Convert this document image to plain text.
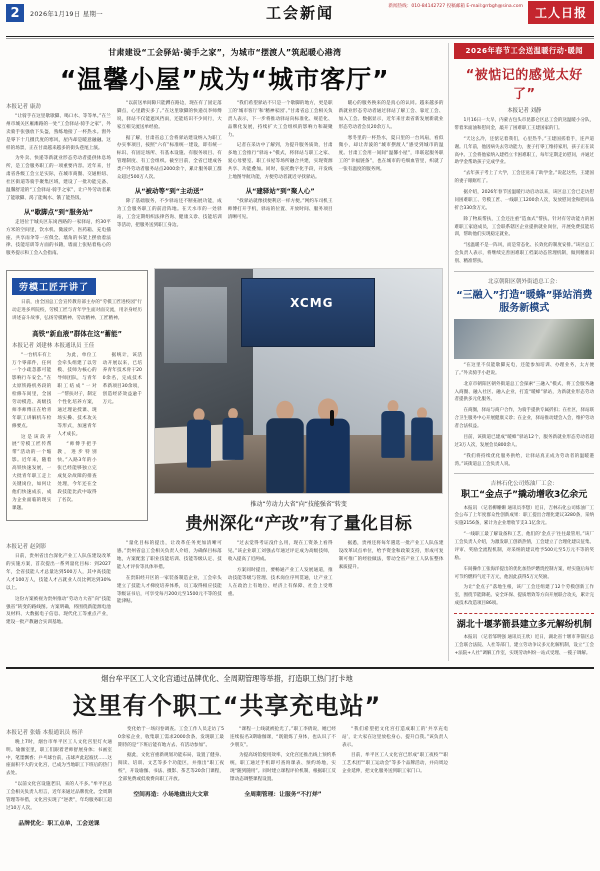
2	2026年1月19日 星期一	工会新闻	新闻热线：010-84142727 投稿邮箱 E-mail:grrbgh@sina.com	工人日报
甘肃建设“工会驿站·骑手之家”，为城市“摆渡人”筑起暖心港湾
“温馨小屋”成为“城市客厅”
本报记者 康劲

“让骑手在这里歇歇脚、喝口水、等等单。”在兰州市城关区雁滩路的一处“工会驿站·骑手之家”，外卖骑手张强放下头盔，熟练地接了一杯热水。窗外是零下十几摄氏度的寒风，屋内却是暖意融融。这样的场景，正在甘肃越来越多的街头巷尾上演。

为外卖、快递等新就业形态劳动者提供休息场所，是工会服务职工的一项重要内容。近年来，甘肃省各级工会立足实际，在城市商圈、交通枢纽、社区街道等骑手聚集区域，建设了一批功能完备、温馨舒适的“工会驿站·骑手之家”，让户外劳动者累了能歇脚、渴了能喝水、饿了能热饭。

从“歇脚点”到“服务站”

走进位于城关区东岗西路的一家驿站，约30平方米的空间里，饮水机、微波炉、医药箱、充电插座、共享雨伞等一应俱全。墙角的书架上摆放着法律、技能培训等方面的书籍，墙面上张贴着贴心的服务提示和工会入会指南。

“以前送单间隙只能蹲在路边，现在有了固定落脚点，心里踏实多了。”在这里歇脚的快递员李师傅说，驿站不仅能遮风挡雨，还能结识不少同行，大家互相交流送单经验。

据了解，甘肃省总工会将驿站建设纳入为职工办实事项目，按照“六有”标准统一建设，即有统一标识、有固定场所、有基本设施、有服务项目、有管理制度、有工会组织。截至目前，全省已建成各类户外劳动者服务站点2000余个，累计服务职工群众超过500万人次。

从“被动等”到“主动送”

除了基础服务，不少驿站还不断拓展功能，成为工会服务职工的前沿阵地。在天水市的一处驿站，工会定期组织法律咨询、健康义诊、技能培训等活动，把服务送到职工身边。

“我们希望驿站不只是一个歇脚的地方，更是职工的‘城市客厅’和‘精神家园’。”甘肃省总工会相关负责人表示，下一步将推动驿站向标准化、规范化、品牌化发展，持续扩大工会组织的影响力和凝聚力。

记者在采访中了解到，为提升服务质效，甘肃多地工会推行“驿站+”模式，将驿站与职工之家、爱心母婴室、职工书屋等场所融合共建，实现资源共享、功能叠加。同时，依托数字化手段，开发线上地图导航功能，方便劳动者就近寻找驿站。

从“建驿站”到“聚人心”

“找驿站就像找便利店一样方便。”网约车司机王师傅打开手机，驿站的位置、开放时间、服务项目清晰可见。

暖心的服务换来的是真心的认同。越来越多的新就业形态劳动者通过驿站了解工会、靠近工会、加入工会。数据显示，近年来甘肃省新发展新就业形态劳动者会员20余万人。

寒冬里的一杯热水，夏日里的一台风扇，看似微小，却让奔波的“城市摆渡人”感受到城市的温度。甘肃工会用一间间“温馨小屋”，串联起服务职工的“幸福链条”，也在城市的毛细血管里，织就了一张有温度的服务网。

劳模工匠开讲了
日前，由全国总工会宣传教育部主办的“劳模工匠进校园”行动走进多所院校，劳模工匠与青年学生面对面交流，用亲身经历讲述奋斗故事，弘扬劳模精神、劳动精神、工匠精神。
高铁“新血液”群体在这“蓄能”
本报记者 刘建林 本报通讯员 王佳

“一台机车有上万个零部件，任何一个小疏忽都可能影响行车安全。”在太原铁路机务段的检修车间里，全国劳动模范、高级技师李师傅正在给青年职工讲解机车检修要点。

这是该段开展“劳模工匠传帮带”活动的一个缩影。近年来，随着高铁快速发展，一大批青年职工走上关键岗位，如何让他们快速成长，成为企业面临的现实课题。

为此，单位工会牵头组建了以劳模、技师为核心的导师团队，与青年职工结成“一对一”帮扶对子，制定个性化培养方案，通过理论授课、现场实操、技术攻关等形式，加速青年人才成长。

“师傅手把手教，进步特别快。”入路3年的小张已经能够独立完成复杂故障的排查处理，今年还在全段技能比武中取得了名次。

据统计，该活动开展以来，已培养青年技术骨干200余名，完成技术革新项目30余项，创造经济效益逾千万元。

XCMG
推动“劳动力大省”向“技能强省”转变
贵州深化“产改”有了量化目标
本报记者 赵剑影

日前，贵州省出台深化产业工人队伍建设改革的实施方案，首次提出一系列量化目标：到2027年，全省技能人才总量达到500万人，其中高技能人才100万人，技能人才占就业人员比例达到30%以上。

这份方案被视为贵州推动“劳动力大省”向“技能强省”转变的路线图。方案明确，将围绕新能源电池及材料、大数据电子信息、现代化工等重点产业，建设一批产教融合实训基地。

“量化目标的提出，让改革任务更加清晰可感。”贵州省总工会相关负责人介绍，为确保目标落地，方案配套了职业技能培训、技能等级认定、技能人才评价等具体举措。

在贵阳经开区的一家装备制造企业，工会牵头建立了技能人才梯度培养体系，员工取得相应技能等级证书后，可享受每月200元至1500元不等的技能津贴。

“过去觉得考证没什么用，现在工资条上看得见。”该企业职工刘强去年通过评定成为高级技师，收入提高了近两成。

方案同时提出，要畅通产业工人发展通道，推动技能等级与管理、技术岗位序列贯通，让产业工人在政治上有地位、经济上有保障、社会上受尊重。

据悉，贵州还将每年遴选一批产业工人队伍建设改革试点单位，给予资金和政策支持，形成可复制可推广的经验做法，带动全省产业工人队伍整体素质提升。

2026年春节工会送温暖行动·暖闻
“被惦记的感觉太好了”
本报记者 刘静

1月16日一大早，内蒙古包头市昆都仑区总工会的送温暖小分队，带着米面油和慰问金，敲开了困难职工王建国家的门。

“天这么冷，还惦记着我们，心里热乎。”王建国搓着手，连声道谢。几年前，他因病失去劳动能力，妻子打零工维持家用，孩子正在读高中。工会将他家纳入建档立卡困难职工，每年定期走访慰问，并通过助学金帮助孩子完成学业。

“去年孩子考上了大学，工会还送来了助学金。”说起这些，王建国的妻子眼眶红了。

据介绍，2026年春节送温暖行动启动以来，该区总工会已走访慰问困难职工、劳模工匠、一线职工1200余人次，发放慰问金和慰问品折合330余万元。

除了物质帮扶，工会还注重“造血式”帮扶。针对有劳动能力的困难职工家庭成员，工会联系辖区企业提供就业岗位，开展免费技能培训，帮助他们实现稳定就业。

“送温暖不是一阵风，而是常态化、长效化的制度安排。”该区总工会负责人表示，将继续完善困难职工档案动态管理机制，做到精准识别、精准帮扶。

北京朝阳区朝外街道总工会：
“三融入”打造“暖蜂”驿站消费服务新模式

“在这里不仅能歇脚充电，还能参加培训、办理业务，太方便了。”外卖骑手小赵说。

北京市朝阳区朝外街道总工会探索“三融入”模式，将工会服务融入商圈、融入社区、融入企业，打造“暖蜂”驿站，为新就业形态劳动者提供多元化服务。

在商圈，驿站与商户合作，为骑手提供专属折扣；在社区，驿站联合卫生服务中心开展健康义诊；在企业，驿站推动建会入会，维护劳动者合法权益。

目前，该街道已建成“暖蜂”驿站12个，服务新就业形态劳动者超过3万人次，发展会员800余人。

“我们将持续优化服务供给，让驿站真正成为劳动者的温暖港湾。”该街道总工会负责人说。

吉林石化公司炼油厂工会：
职工“金点子”撬动增收3亿余元

本报讯 （记者柳姗姗 通讯员李想）近日，吉林石化公司炼油厂工会公布了上年度群众性创新成果：职工提出合理化建议3280条，采纳实施2156条，累计为企业增收节支3.1亿余元。

“一线职工最了解设备和工艺，他们的‘金点子’往往最管用。”该厂工会负责人介绍，为激发职工创新热情，工会建立了合理化建议征集、评审、奖励全流程机制，对采纳的建议给予500元至5万元不等的奖励。

车间操作工张海洋提出的优化加热炉燃烧控制方案，经实施后每年可节约燃料气近千万元，他因此获得5万元奖励。

为让“金点子”落地生根，该厂工会还组建了12个劳模创新工作室，围绕节能降耗、安全环保、提质增效等方向开展联合攻关，累计完成技术改造项目86项。

湖北十堰茅箭县建立多元解纷机制

本报讯 （记者邹明强 通讯员王欣）近日，湖北省十堰市茅箭区总工会联合法院、人社等部门，建立劳动争议多元化解机制，设立“工会+法院+人社”调解工作室，实现劳动纠纷一站式受理、一揽子调解。

烟台牟平区工人文化宫通过品牌优化、全周期管理等举措，打造职工热门打卡地
这里有个职工“共享充电站”
本报记者 张嫱 本报通讯员 杨洋

晚上7时，烟台市牟平区工人文化宫里灯火通明。瑜伽室里，职工们跟着老师舒展身体；书画室中，笔墨飘香；乒乓球台前，击球声此起彼伏……这座面积不大的文化宫，已成为当地职工下班后的热门去处。

“以前文化宫设施老旧，来的人不多。”牟平区总工会相关负责人坦言，近年来通过品牌优化、全周期管理等举措，文化宫实现了“逆袭”，年均服务职工超过10万人次。

品牌优化：职工点单，工会送课

变化始于一场问卷调查。工会工作人员走访了50余家企业，收集职工需求2000余条，发现职工最期待的是“下班后能有地方去、有活动参加”。

据此，文化宫重新规划功能布局，设置了健身、阅读、培训、文艺等多个功能区，并推出“职工夜校”，开设瑜伽、书法、摄影、茶艺等20余门课程，全部免费或低收费向职工开放。

空间再造：小场地做出大文章

“课程一上线就被抢光了。”职工李倩说，她已经连续报名3期瑜伽课，“既锻炼了身体，也认识了不少朋友”。

为提高场馆使用效率，文化宫还推出线上预约系统，职工通过手机即可查询课表、预约场地，实现“随到随用”。同时建立课程评价机制，根据职工反馈动态调整课程设置。

全周期管理：让服务“不打烊”

“我们希望把文化宫打造成职工的‘共享充电站’，让大家在这里放松身心、提升自我。”该负责人表示。

目前，牟平区工人文化宫已形成“职工夜校”“职工艺术团”“职工运动会”等多个品牌活动，并向周边企业延伸，把文化服务送到职工家门口。
